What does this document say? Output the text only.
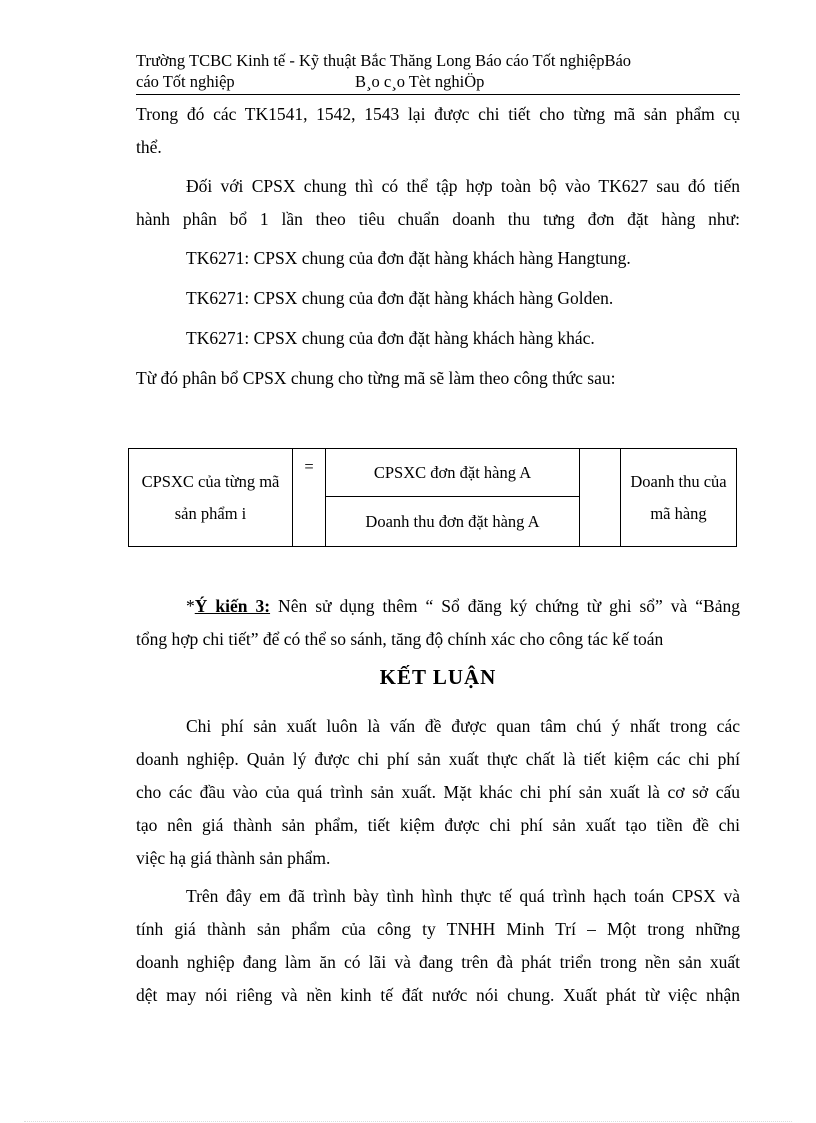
Trường TCBC Kinh tế - Kỹ thuật Bắc Thăng Long Báo cáo Tốt nghiệpBáo
cáo Tốt nghiệp	B¸o c¸o Tèt nghiÖp
Trong đó các TK1541, 1542, 1543 lại được chi tiết cho từng mã sản phẩm cụ
thể.
Đối với CPSX chung thì có thể tập hợp toàn bộ vào TK627 sau đó tiến
hành phân bổ 1 lần theo tiêu chuẩn doanh thu tưng đơn đặt hàng như:
TK6271: CPSX chung của đơn đặt hàng khách hàng Hangtung.
TK6271: CPSX chung của đơn đặt hàng khách hàng Golden.
TK6271: CPSX chung của đơn đặt hàng khách hàng khác.
Từ đó phân bổ CPSX chung cho từng mã sẽ làm theo công thức sau:
CPSXC của từng mã sản phẩm i	=	CPSXC đơn đặt hàng A		Doanh thu của mã hàng
Doanh thu đơn đặt hàng A
*Ý kiến 3: Nên sử dụng thêm “ Sổ đăng ký chứng từ ghi sổ” và “Bảng
tổng hợp chi tiết” để có thể so sánh, tăng độ chính xác cho công tác kế toán
KẾT LUẬN
Chi phí sản xuất luôn là vấn đề được quan tâm chú ý nhất trong các
doanh nghiệp. Quản lý được chi phí sản xuất thực chất là tiết kiệm các chi phí
cho các đầu vào của quá trình sản xuất. Mặt khác chi phí sản xuất là cơ sở cấu
tạo nên giá thành sản phẩm, tiết kiệm được chi phí sản xuất tạo tiền đề chi
việc hạ giá thành sản phẩm.
Trên đây em đã trình bày tình hình thực tế quá trình hạch toán CPSX và
tính giá thành sản phẩm của công ty TNHH Minh Trí – Một trong những
doanh nghiệp đang làm ăn có lãi và đang trên đà phát triển trong nền sản xuất
dệt may nói riêng và nền kinh tế đất nước nói chung. Xuất phát từ việc nhận
